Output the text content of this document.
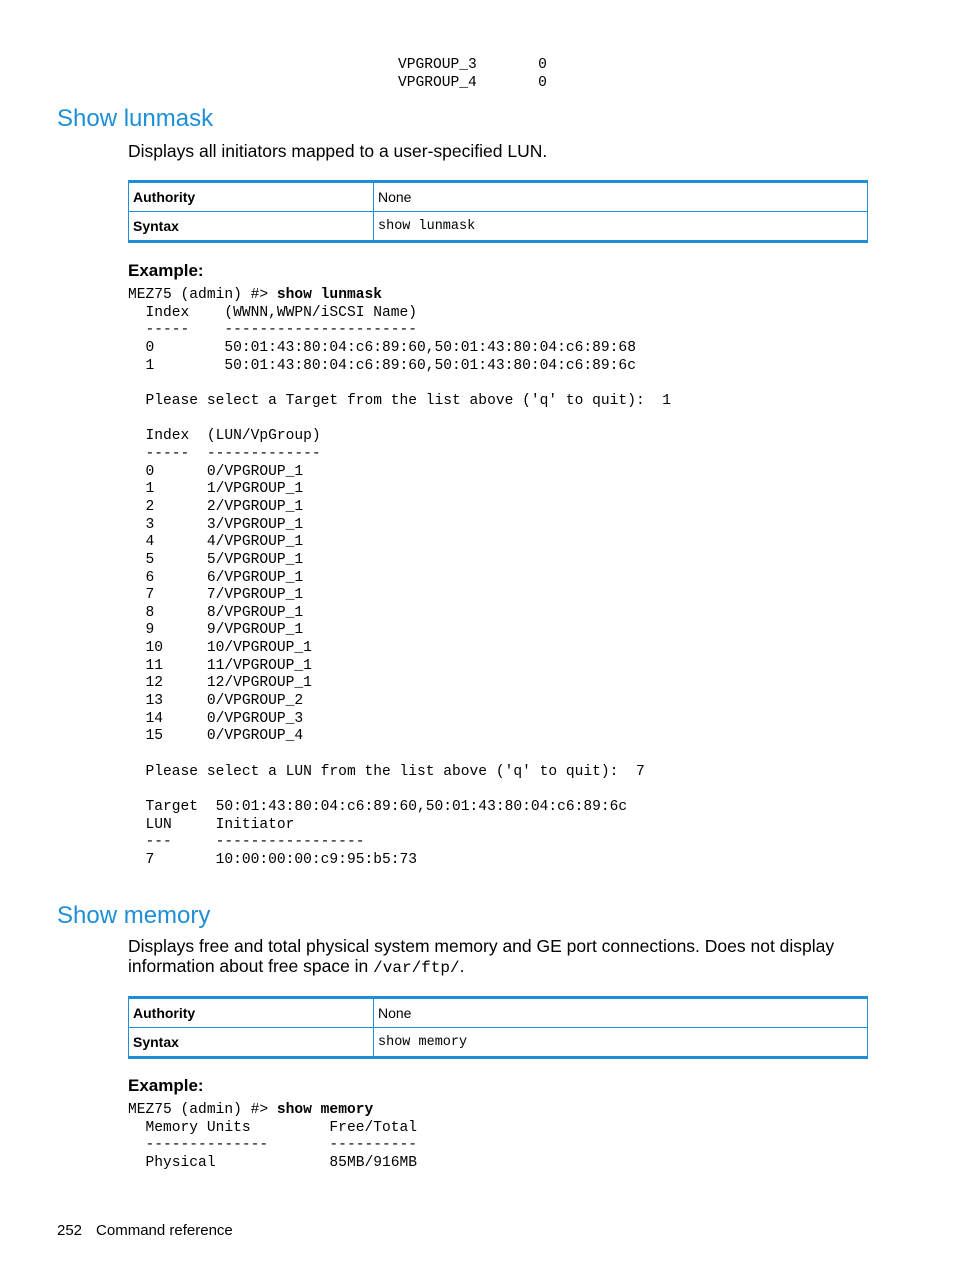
VPGROUP_3       0
VPGROUP_4       0
Show lunmask

Displays all initiators mapped to a user-specified LUN.

Authority	None
Syntax	show lunmask

Example:

MEZ75 (admin) #> show lunmask
Index    (WWNN,WWPN/iSCSI Name)
-----    ----------------------
0        50:01:43:80:04:c6:89:60,50:01:43:80:04:c6:89:68
1        50:01:43:80:04:c6:89:60,50:01:43:80:04:c6:89:6c

Please select a Target from the list above ('q' to quit):  1

Index  (LUN/VpGroup)
-----  -------------
0      0/VPGROUP_1
1      1/VPGROUP_1
2      2/VPGROUP_1
3      3/VPGROUP_1
4      4/VPGROUP_1
5      5/VPGROUP_1
6      6/VPGROUP_1
7      7/VPGROUP_1
8      8/VPGROUP_1
9      9/VPGROUP_1
10     10/VPGROUP_1
11     11/VPGROUP_1
12     12/VPGROUP_1
13     0/VPGROUP_2
14     0/VPGROUP_3
15     0/VPGROUP_4

Please select a LUN from the list above ('q' to quit):  7

Target  50:01:43:80:04:c6:89:60,50:01:43:80:04:c6:89:6c
LUN     Initiator
---     -----------------
7       10:00:00:00:c9:95:b5:73
Show memory

Displays free and total physical system memory and GE port connections. Does not display information about free space in /var/ftp/.

Authority	None
Syntax	show memory

Example:

MEZ75 (admin) #> show memory
Memory Units         Free/Total
--------------       ----------
Physical             85MB/916MB
252 Command reference
